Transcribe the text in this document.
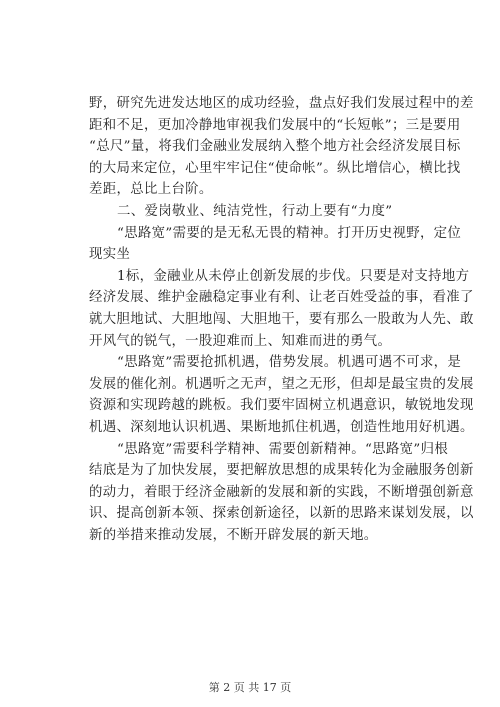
野，研究先进发达地区的成功经验，盘点好我们发展过程中的差
距和不足，更加冷静地审视我们发展中的“长短帐”；三是要用
“总尺”量，将我们金融业发展纳入整个地方社会经济发展目标
的大局来定位，心里牢牢记住“使命帐”。纵比增信心，横比找
差距，总比上台阶。
二、爱岗敬业、纯洁党性，行动上要有“力度”
“思路宽”需要的是无私无畏的精神。打开历史视野，定位
现实坐
1标，金融业从未停止创新发展的步伐。只要是对支持地方
经济发展、维护金融稳定事业有利、让老百姓受益的事，看准了
就大胆地试、大胆地闯、大胆地干，要有那么一股敢为人先、敢
开风气的锐气，一股迎难而上、知难而进的勇气。
“思路宽”需要抢抓机遇，借势发展。机遇可遇不可求，是
发展的催化剂。机遇听之无声，望之无形，但却是最宝贵的发展
资源和实现跨越的跳板。我们要牢固树立机遇意识，敏锐地发现
机遇、深刻地认识机遇、果断地抓住机遇，创造性地用好机遇。
“思路宽”需要科学精神、需要创新精神。“思路宽”归根
结底是为了加快发展，要把解放思想的成果转化为金融服务创新
的动力，着眼于经济金融新的发展和新的实践，不断增强创新意
识、提高创新本领、探索创新途径，以新的思路来谋划发展，以
新的举措来推动发展，不断开辟发展的新天地。
第 2 页 共 17 页
